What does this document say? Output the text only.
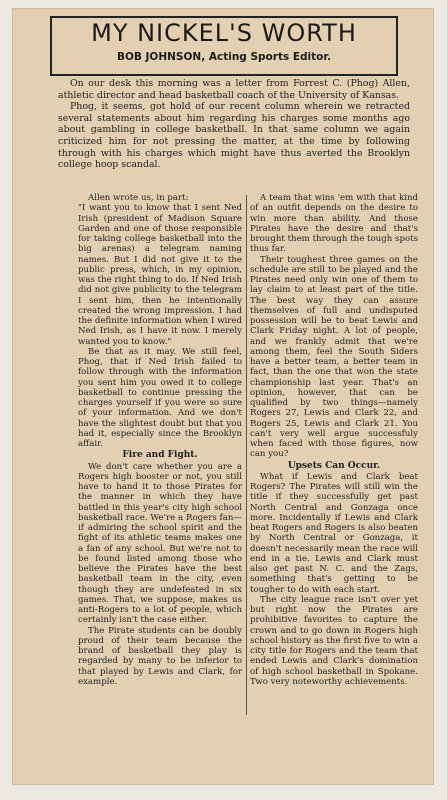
MY NICKEL'S WORTH
BOB JOHNSON, Acting Sports Editor.

On our desk this morning was a letter from Forrest C. (Phog) Allen, athletic director and head basketball coach of the University of Kansas.

Phog, it seems, got hold of our recent column wherein we retracted several statements about him regarding his charges some months ago about gambling in college basketball. In that same column we again criticized him for not pressing the matter, at the time by following through with his charges which might have thus averted the Brooklyn college hoop scandal.

Allen wrote us, in part:

"I want you to know that I sent Ned Irish (president of Madison Square Garden and one of those responsible for taking college basketball into the big arenas) a telegram naming names. But I did not give it to the public press, which, in my opinion, was the right thing to do. If Ned Irish did not give publicity to the telegram I sent him, then he intentionally created the wrong impression. I had the definite information when I wired Ned Irish, as I have it now. I merely wanted you to know."

Be that as it may. We still feel, Phog, that if Ned Irish failed to follow through with the information you sent him you owed it to college basketball to continue pressing the charges yourself if you were so sure of your information. And we don't have the slightest doubt but that you had it, especially since the Brooklyn affair.

Fire and Fight.

We don't care whether you are a Rogers high booster or not, you still have to hand it to those Pirates for the manner in which they have battled in this year's city high school basketball race. We're a Rogers fan—if admiring the school spirit and the fight of its athletic teams makes one a fan of any school. But we're not to be found listed among those who believe the Pirates have the best basketball team in the city, even though they are undefeated in six games. That, we suppose, makes us anti-Rogers to a lot of people, which certainly isn't the case either.

The Pirate students can be doubly proud of their team because the brand of basketball they play is regarded by many to be inferior to that played by Lewis and Clark, for example.

A team that wins 'em with that kind of an outfit depends on the desire to win more than ability. And those Pirates have the desire and that's brought them through the tough spots thus far.

Their toughest three games on the schedule are still to be played and the Pirates need only win one of them to lay claim to at least part of the title. The best way they can assure themselves of full and undisputed possession will be to beat Lewis and Clark Friday night. A lot of people, and we frankly admit that we're among them, feel the South Siders have a better team, a better team in fact, than the one that won the state championship last year. That's an opinion, however, that can be qualified by two things—namely Rogers 27, Lewis and Clark 22, and Rogers 25, Lewis and Clark 21. You can't very well argue successfuly when faced with those figures, now can you?

Upsets Can Occur.

What if Lewis and Clark beat Rogers? The Pirates will still win the title if they successfully get past North Central and Gonzaga once more. Incidentally if Lewis and Clark beat Rogers and Rogers is also beaten by North Central or Gonzaga, it doesn't necessarily mean the race will end in a tie. Lewis and Clark must also get past N. C. and the Zags, something that's getting to be tougher to do with each start.

The city league race isn't over yet but right now the Pirates are prohibitive favorites to capture the crown and to go down in Rogers high school history as the first five to win a city title for Rogers and the team that ended Lewis and Clark's domination of high school basketball in Spokane. Two very noteworthy achievements.
